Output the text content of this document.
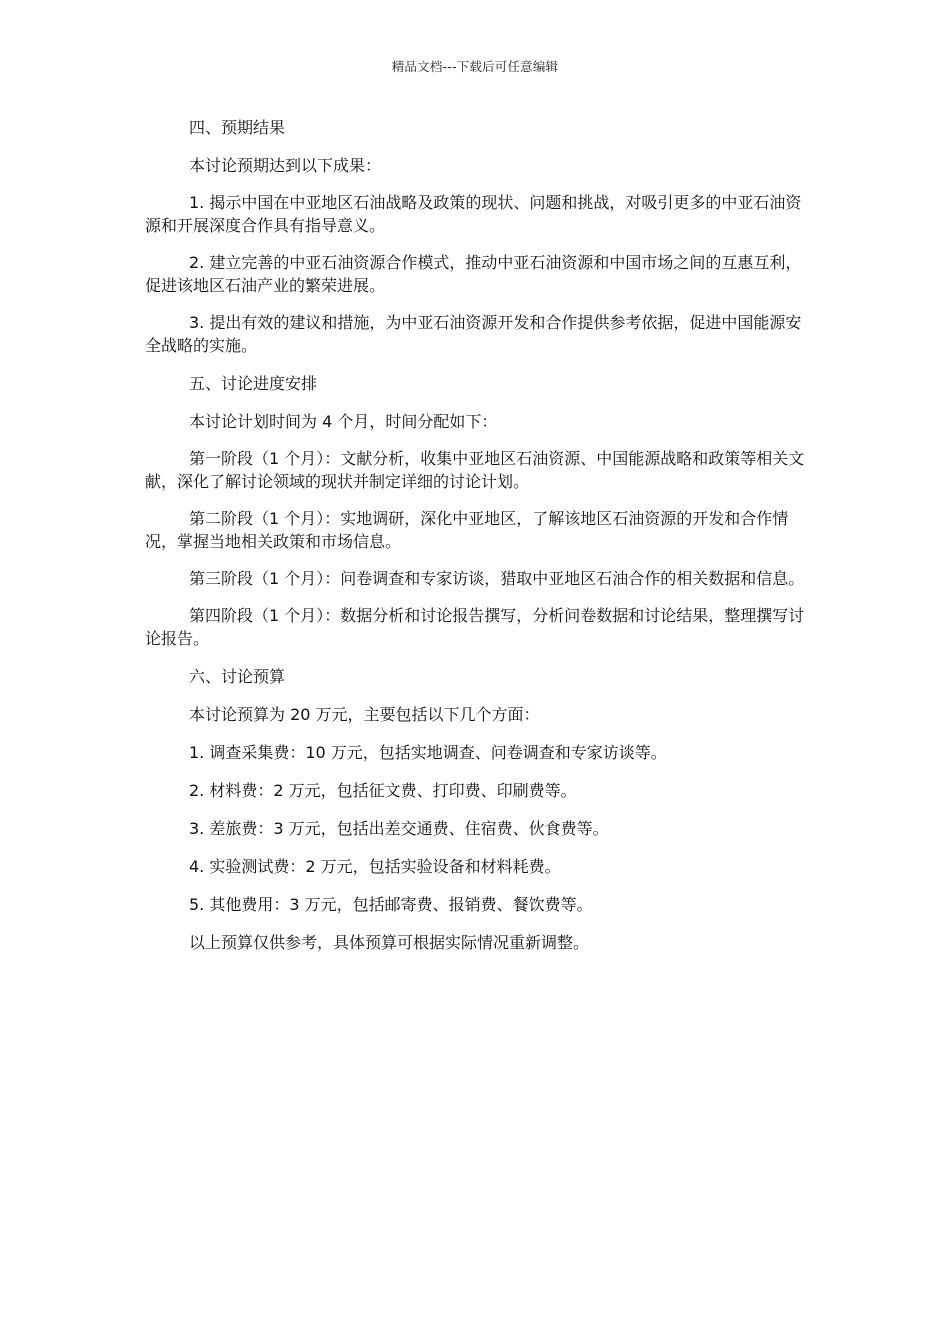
精品文档---下载后可任意编辑

四、预期结果

本讨论预期达到以下成果：

1. 揭示中国在中亚地区石油战略及政策的现状、问题和挑战，对吸引更多的中亚石油资源和开展深度合作具有指导意义。

2. 建立完善的中亚石油资源合作模式，推动中亚石油资源和中国市场之间的互惠互利，促进该地区石油产业的繁荣进展。

3. 提出有效的建议和措施，为中亚石油资源开发和合作提供参考依据，促进中国能源安全战略的实施。

五、讨论进度安排

本讨论计划时间为 4 个月，时间分配如下：

第一阶段（1 个月）：文献分析，收集中亚地区石油资源、中国能源战略和政策等相关文献，深化了解讨论领域的现状并制定详细的讨论计划。

第二阶段（1 个月）：实地调研，深化中亚地区，了解该地区石油资源的开发和合作情况，掌握当地相关政策和市场信息。

第三阶段（1 个月）：问卷调查和专家访谈，猎取中亚地区石油合作的相关数据和信息。

第四阶段（1 个月）：数据分析和讨论报告撰写，分析问卷数据和讨论结果，整理撰写讨论报告。

六、讨论预算

本讨论预算为 20 万元，主要包括以下几个方面：

1. 调查采集费：10 万元，包括实地调查、问卷调查和专家访谈等。

2. 材料费：2 万元，包括征文费、打印费、印刷费等。

3. 差旅费：3 万元，包括出差交通费、住宿费、伙食费等。

4. 实验测试费：2 万元，包括实验设备和材料耗费。

5. 其他费用：3 万元，包括邮寄费、报销费、餐饮费等。

以上预算仅供参考，具体预算可根据实际情况重新调整。
